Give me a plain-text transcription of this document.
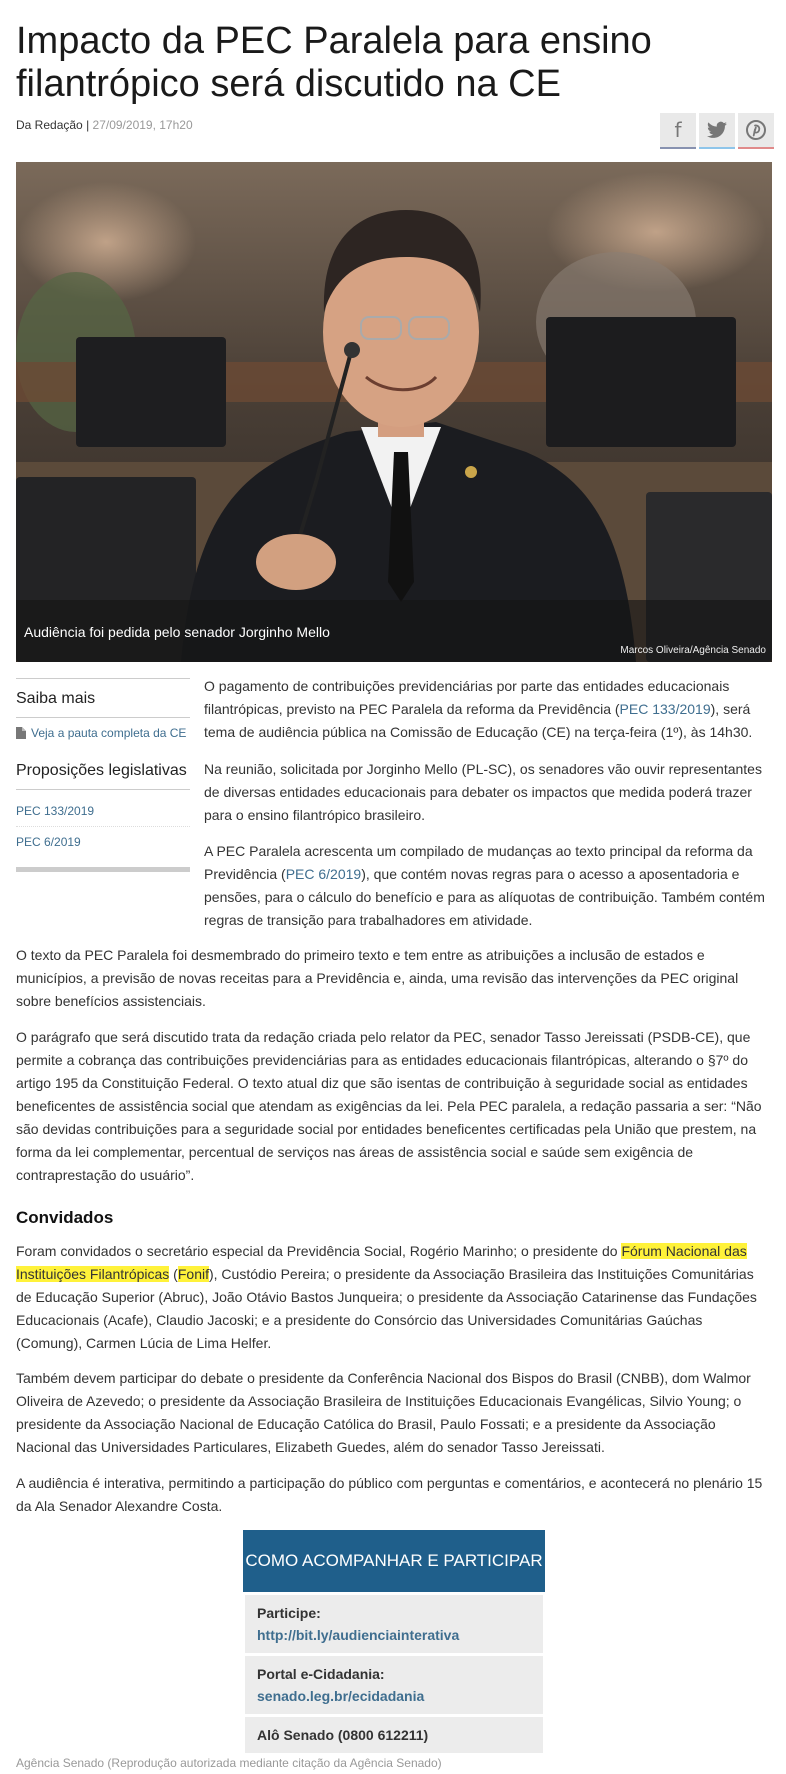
Impacto da PEC Paralela para ensino filantrópico será discutido na CE
Da Redação | 27/09/2019, 17h20	f
Audiência foi pedida pelo senador Jorginho Mello
Marcos Oliveira/Agência Senado
Saiba mais
Veja a pauta completa da CE
Proposições legislativas
PEC 133/2019
PEC 6/2019

O pagamento de contribuições previdenciárias por parte das entidades educacionais filantrópicas, previsto na PEC Paralela da reforma da Previdência (PEC 133/2019), será tema de audiência pública na Comissão de Educação (CE) na terça-feira (1º), às 14h30.

Na reunião, solicitada por Jorginho Mello (PL-SC), os senadores vão ouvir representantes de diversas entidades educacionais para debater os impactos que medida poderá trazer para o ensino filantrópico brasileiro.

A PEC Paralela acrescenta um compilado de mudanças ao texto principal da reforma da Previdência (PEC 6/2019), que contém novas regras para o acesso a aposentadoria e pensões, para o cálculo do benefício e para as alíquotas de contribuição. Também contém regras de transição para trabalhadores em atividade.

O texto da PEC Paralela foi desmembrado do primeiro texto e tem entre as atribuições a inclusão de estados e municípios, a previsão de novas receitas para a Previdência e, ainda, uma revisão das intervenções da PEC original sobre benefícios assistenciais.

O parágrafo que será discutido trata da redação criada pelo relator da PEC, senador Tasso Jereissati (PSDB-CE), que permite a cobrança das contribuições previdenciárias para as entidades educacionais filantrópicas, alterando o §7º do artigo 195 da Constituição Federal. O texto atual diz que são isentas de contribuição à seguridade social as entidades beneficentes de assistência social que atendam as exigências da lei. Pela PEC paralela, a redação passaria a ser: “Não são devidas contribuições para a seguridade social por entidades beneficentes certificadas pela União que prestem, na forma da lei complementar, percentual de serviços nas áreas de assistência social e saúde sem exigência de contraprestação do usuário”.

Convidados

Foram convidados o secretário especial da Previdência Social, Rogério Marinho; o presidente do Fórum Nacional das Instituições Filantrópicas (Fonif), Custódio Pereira; o presidente da Associação Brasileira das Instituições Comunitárias de Educação Superior (Abruc), João Otávio Bastos Junqueira; o presidente da Associação Catarinense das Fundações Educacionais (Acafe), Claudio Jacoski; e a presidente do Consórcio das Universidades Comunitárias Gaúchas (Comung), Carmen Lúcia de Lima Helfer.

Também devem participar do debate o presidente da Conferência Nacional dos Bispos do Brasil (CNBB), dom Walmor Oliveira de Azevedo; o presidente da Associação Brasileira de Instituições Educacionais Evangélicas, Silvio Young; o presidente da Associação Nacional de Educação Católica do Brasil, Paulo Fossati; e a presidente da Associação Nacional das Universidades Particulares, Elizabeth Guedes, além do senador Tasso Jereissati.

A audiência é interativa, permitindo a participação do público com perguntas e comentários, e acontecerá no plenário 15 da Ala Senador Alexandre Costa.

COMO ACOMPANHAR E PARTICIPAR
Participe:
http://bit.ly/audienciainterativa
Portal e-Cidadania:
senado.leg.br/ecidadania
Alô Senado (0800 612211)
Agência Senado (Reprodução autorizada mediante citação da Agência Senado)
